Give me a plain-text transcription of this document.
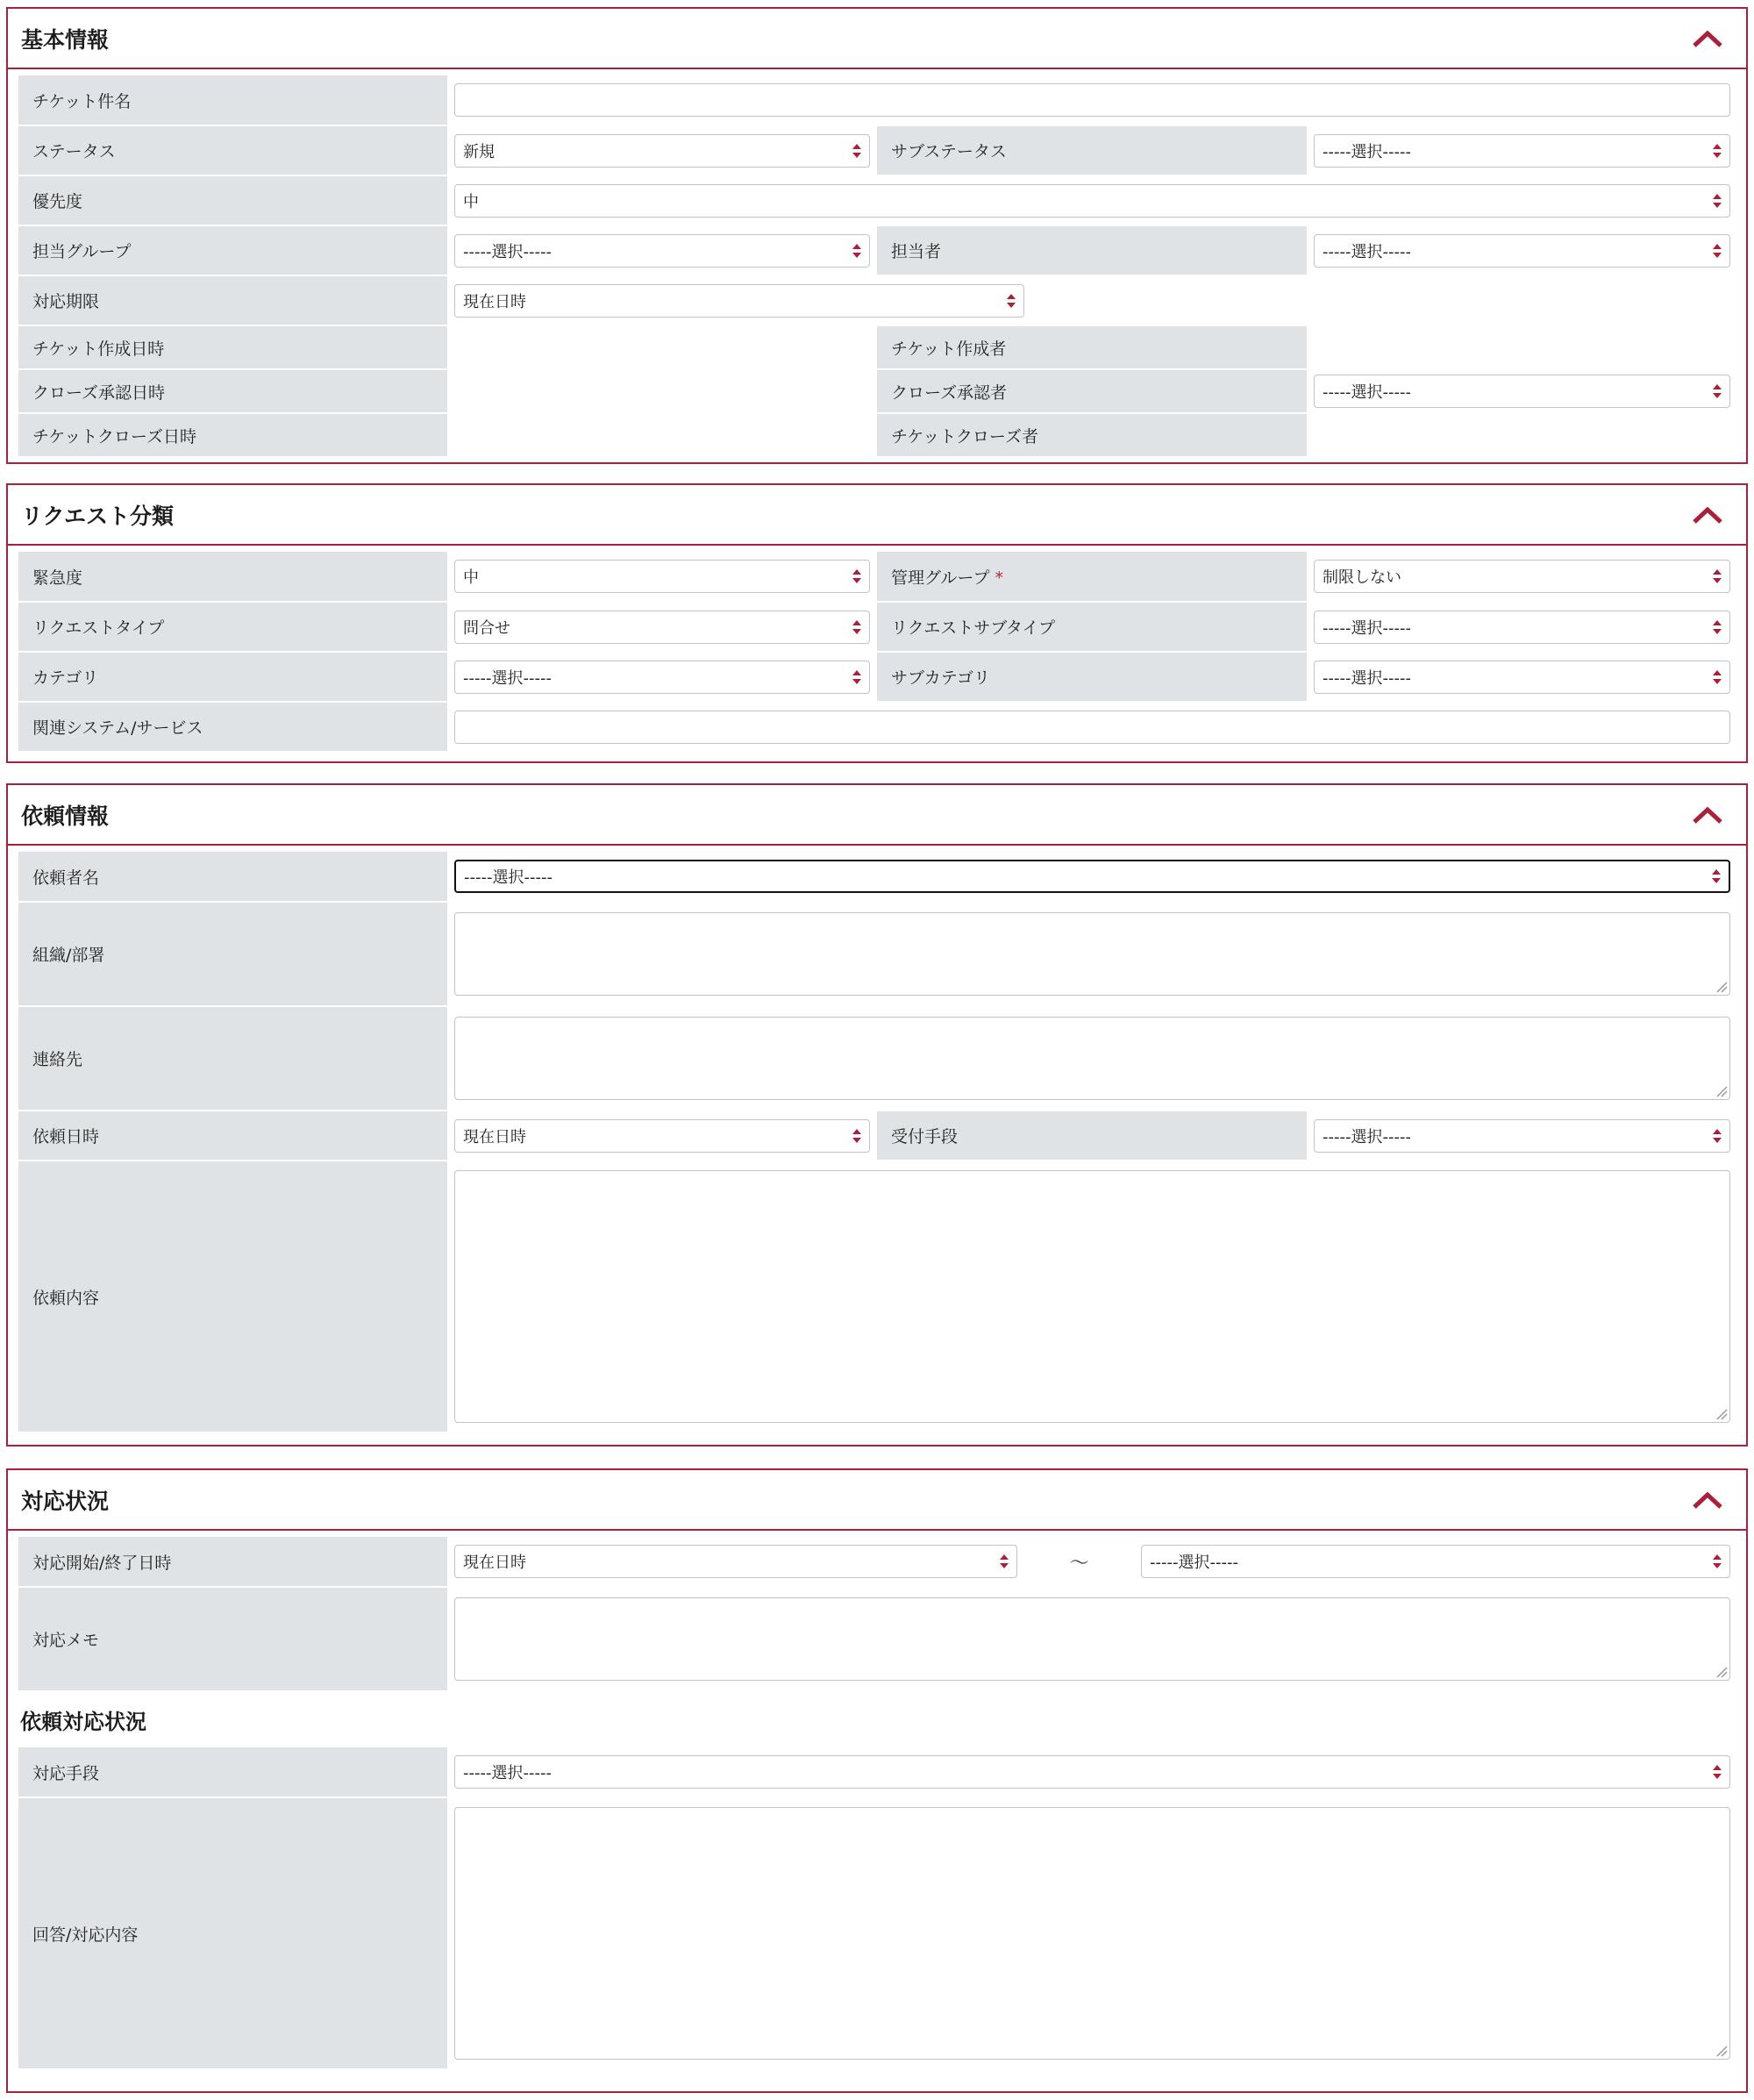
基本情報
チケット件名			

ステータス	新規	サブステータス	-----選択-----

優先度	中		

担当グループ	-----選択-----	担当者	-----選択-----

対応期限	現在日時		

チケット作成日時		チケット作成者	
クローズ承認日時		クローズ承認者	-----選択-----

チケットクローズ日時		チケットクローズ者	
リクエスト分類
緊急度	中	管理グループ *	制限しない

リクエストタイプ	問合せ	リクエストサブタイプ	-----選択-----

カテゴリ	-----選択-----	サブカテゴリ	-----選択-----

関連システム/サービス			
依頼情報
依頼者名	-----選択-----		

組織/部署	

連絡先	

依頼日時	現在日時	受付手段	-----選択-----

依頼内容	
対応状況
対応開始/終了日時	現在日時	～	-----選択-----

対応メモ	
依頼対応状況
対応手段	-----選択-----

回答/対応内容	
